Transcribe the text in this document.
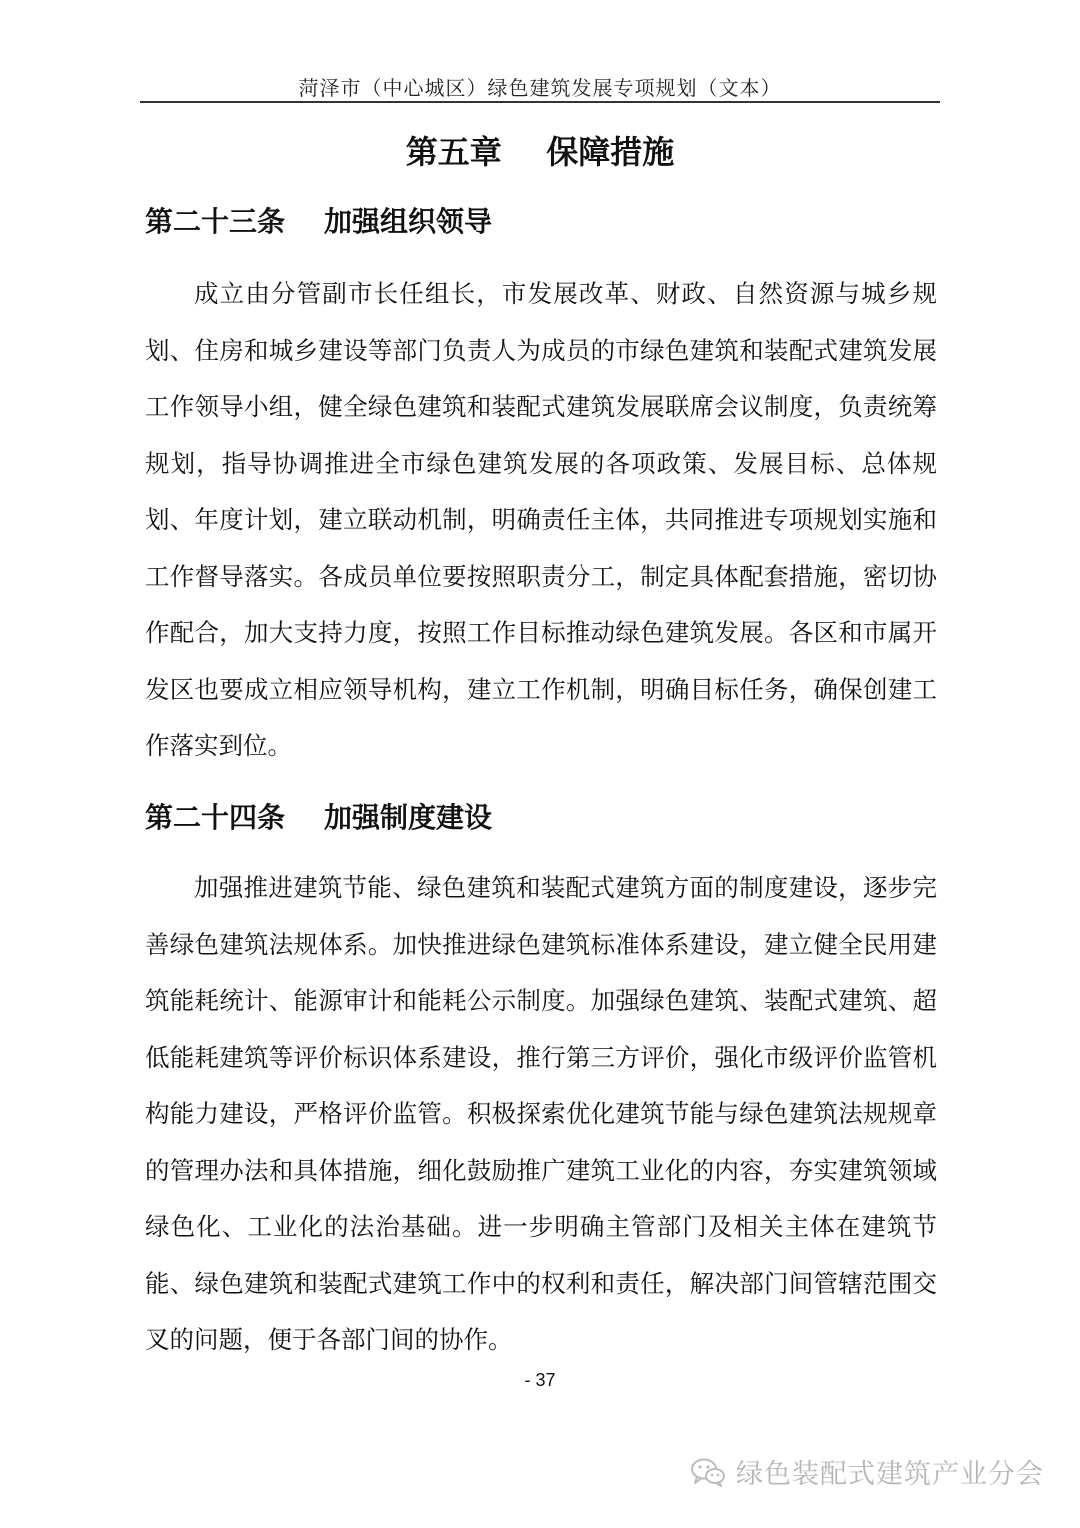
菏泽市（中心城区）绿色建筑发展专项规划（文本）
第五章    保障措施
第二十三条    加强组织领导

成立由分管副市长任组长，市发展改革、财政、自然资源与城乡规划、住房和城乡建设等部门负责人为成员的市绿色建筑和装配式建筑发展工作领导小组，健全绿色建筑和装配式建筑发展联席会议制度，负责统筹规划，指导协调推进全市绿色建筑发展的各项政策、发展目标、总体规划、年度计划，建立联动机制，明确责任主体，共同推进专项规划实施和工作督导落实。各成员单位要按照职责分工，制定具体配套措施，密切协作配合，加大支持力度，按照工作目标推动绿色建筑发展。各区和市属开发区也要成立相应领导机构，建立工作机制，明确目标任务，确保创建工作落实到位。

第二十四条    加强制度建设

加强推进建筑节能、绿色建筑和装配式建筑方面的制度建设，逐步完善绿色建筑法规体系。加快推进绿色建筑标准体系建设，建立健全民用建筑能耗统计、能源审计和能耗公示制度。加强绿色建筑、装配式建筑、超低能耗建筑等评价标识体系建设，推行第三方评价，强化市级评价监管机构能力建设，严格评价监管。积极探索优化建筑节能与绿色建筑法规规章的管理办法和具体措施，细化鼓励推广建筑工业化的内容，夯实建筑领域绿色化、工业化的法治基础。进一步明确主管部门及相关主体在建筑节能、绿色建筑和装配式建筑工作中的权利和责任，解决部门间管辖范围交叉的问题，便于各部门间的协作。

- 37
绿色装配式建筑产业分会
